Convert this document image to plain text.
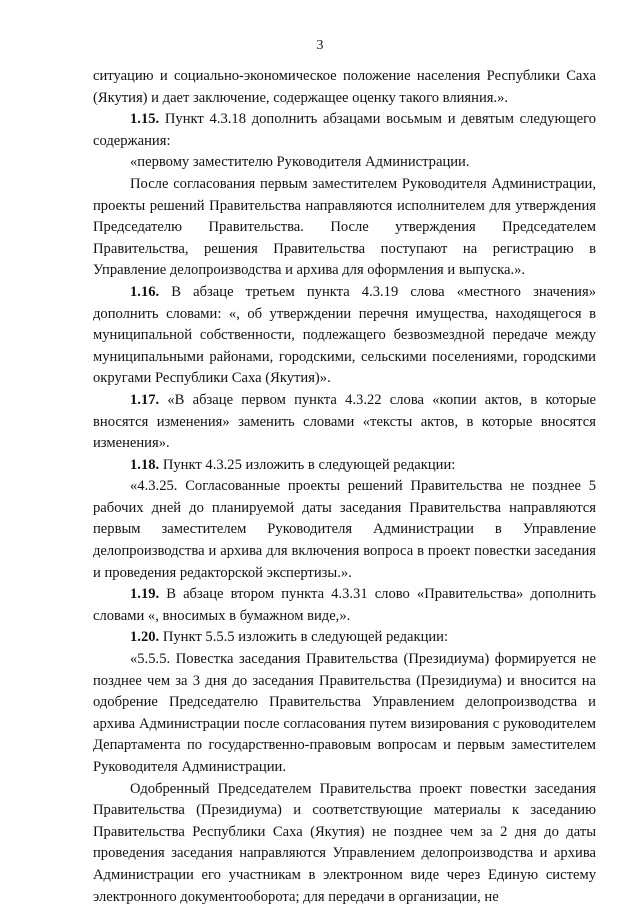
3

ситуацию и социально-экономическое положение населения Республики Саха (Якутия) и дает заключение, содержащее оценку такого влияния.».

1.15. Пункт 4.3.18 дополнить абзацами восьмым и девятым следующего содержания:

«первому заместителю Руководителя Администрации.

После согласования первым заместителем Руководителя Администрации, проекты решений Правительства направляются исполнителем для утверждения Председателю Правительства. После утверждения Председателем Правительства, решения Правительства поступают на регистрацию в Управление делопроизводства и архива для оформления и выпуска.».

1.16. В абзаце третьем пункта 4.3.19 слова «местного значения» дополнить словами: «, об утверждении перечня имущества, находящегося в муниципальной собственности, подлежащего безвозмездной передаче между муниципальными районами, городскими, сельскими поселениями, городскими округами Республики Саха (Якутия)».

1.17. «В абзаце первом пункта 4.3.22 слова «копии актов, в которые вносятся изменения» заменить словами «тексты актов, в которые вносятся изменения».

1.18. Пункт 4.3.25 изложить в следующей редакции:

«4.3.25. Согласованные проекты решений Правительства не позднее 5 рабочих дней до планируемой даты заседания Правительства направляются первым заместителем Руководителя Администрации в Управление делопроизводства и архива для включения вопроса в проект повестки заседания и проведения редакторской экспертизы.».

1.19. В абзаце втором пункта 4.3.31 слово «Правительства» дополнить словами «, вносимых в бумажном виде,».

1.20. Пункт 5.5.5 изложить в следующей редакции:

«5.5.5. Повестка заседания Правительства (Президиума) формируется не позднее чем за 3 дня до заседания Правительства (Президиума) и вносится на одобрение Председателю Правительства Управлением делопроизводства и архива Администрации после согласования путем визирования с руководителем Департамента по государственно-правовым вопросам и первым заместителем Руководителя Администрации.

Одобренный Председателем Правительства проект повестки заседания Правительства (Президиума) и соответствующие материалы к заседанию Правительства Республики Саха (Якутия) не позднее чем за 2 дня до даты проведения заседания направляются Управлением делопроизводства и архива Администрации его участникам в электронном виде через Единую систему электронного документооборота; для передачи в организации, не
